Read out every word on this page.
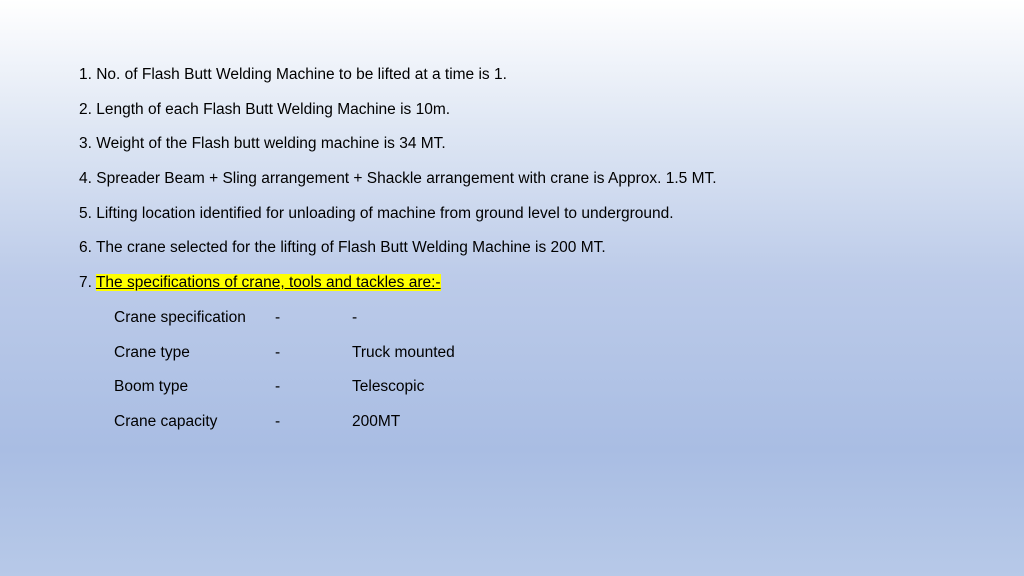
1. No. of Flash Butt Welding Machine to be lifted at a time is 1.
2. Length of each Flash Butt Welding Machine is 10m.
3. Weight of the Flash butt welding machine is 34 MT.
4. Spreader Beam + Sling arrangement + Shackle arrangement with crane is Approx. 1.5 MT.
5. Lifting location identified for unloading of machine from ground level to underground.
6. The crane selected for the lifting of Flash Butt Welding Machine is 200 MT.
7. The specifications of crane, tools and tackles are:-
Crane specification -	-
Crane type	-	Truck mounted
Boom type	-	Telescopic
Crane capacity	-	200MT
